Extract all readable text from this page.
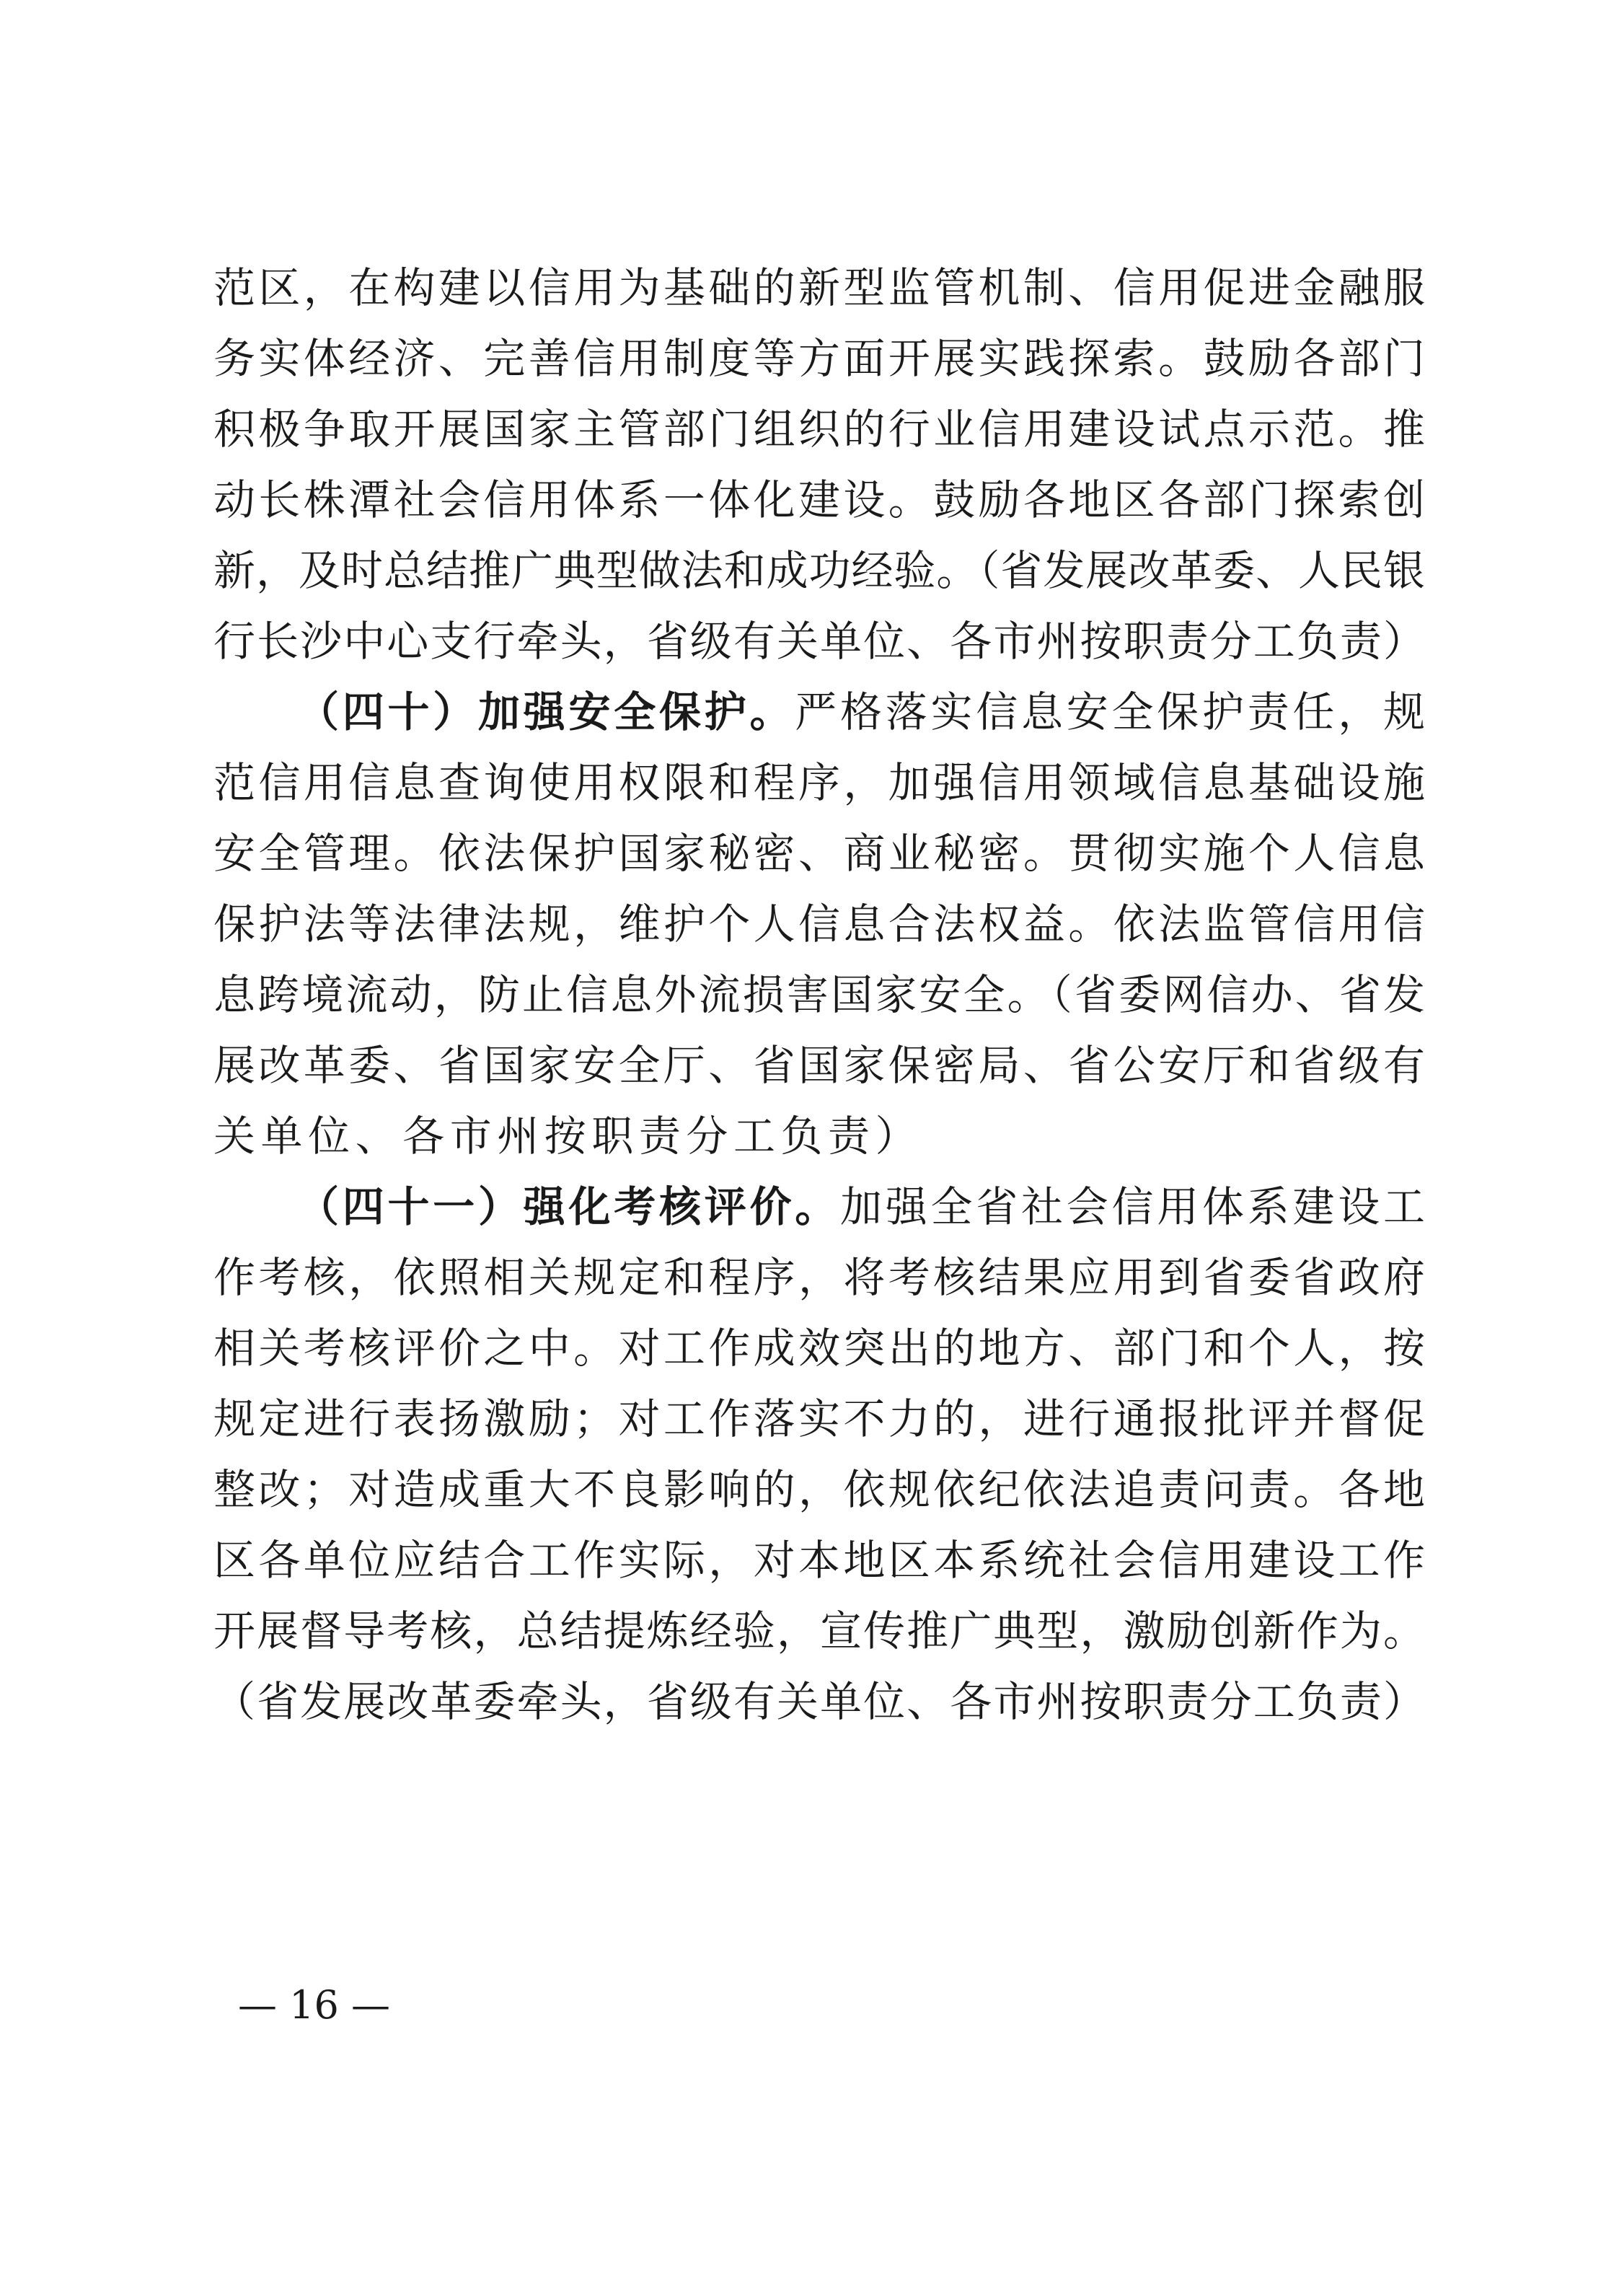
范区，在构建以信用为基础的新型监管机制、信用促进金融服
务实体经济、完善信用制度等方面开展实践探索。鼓励各部门
积极争取开展国家主管部门组织的行业信用建设试点示范。推
动长株潭社会信用体系一体化建设。鼓励各地区各部门探索创
新，及时总结推广典型做法和成功经验。（省发展改革委、人民银
行长沙中心支行牵头，省级有关单位、各市州按职责分工负责）
（四十）加强安全保护。严格落实信息安全保护责任，规
范信用信息查询使用权限和程序，加强信用领域信息基础设施
安全管理。依法保护国家秘密、商业秘密。贯彻实施个人信息
保护法等法律法规，维护个人信息合法权益。依法监管信用信
息跨境流动，防止信息外流损害国家安全。（省委网信办、省发
展改革委、省国家安全厅、省国家保密局、省公安厅和省级有
关单位、各市州按职责分工负责）
（四十一）强化考核评价。加强全省社会信用体系建设工
作考核，依照相关规定和程序，将考核结果应用到省委省政府
相关考核评价之中。对工作成效突出的地方、部门和个人，按
规定进行表扬激励；对工作落实不力的，进行通报批评并督促
整改；对造成重大不良影响的，依规依纪依法追责问责。各地
区各单位应结合工作实际，对本地区本系统社会信用建设工作
开展督导考核，总结提炼经验，宣传推广典型，激励创新作为。
（省发展改革委牵头，省级有关单位、各市州按职责分工负责）
— 16 —
